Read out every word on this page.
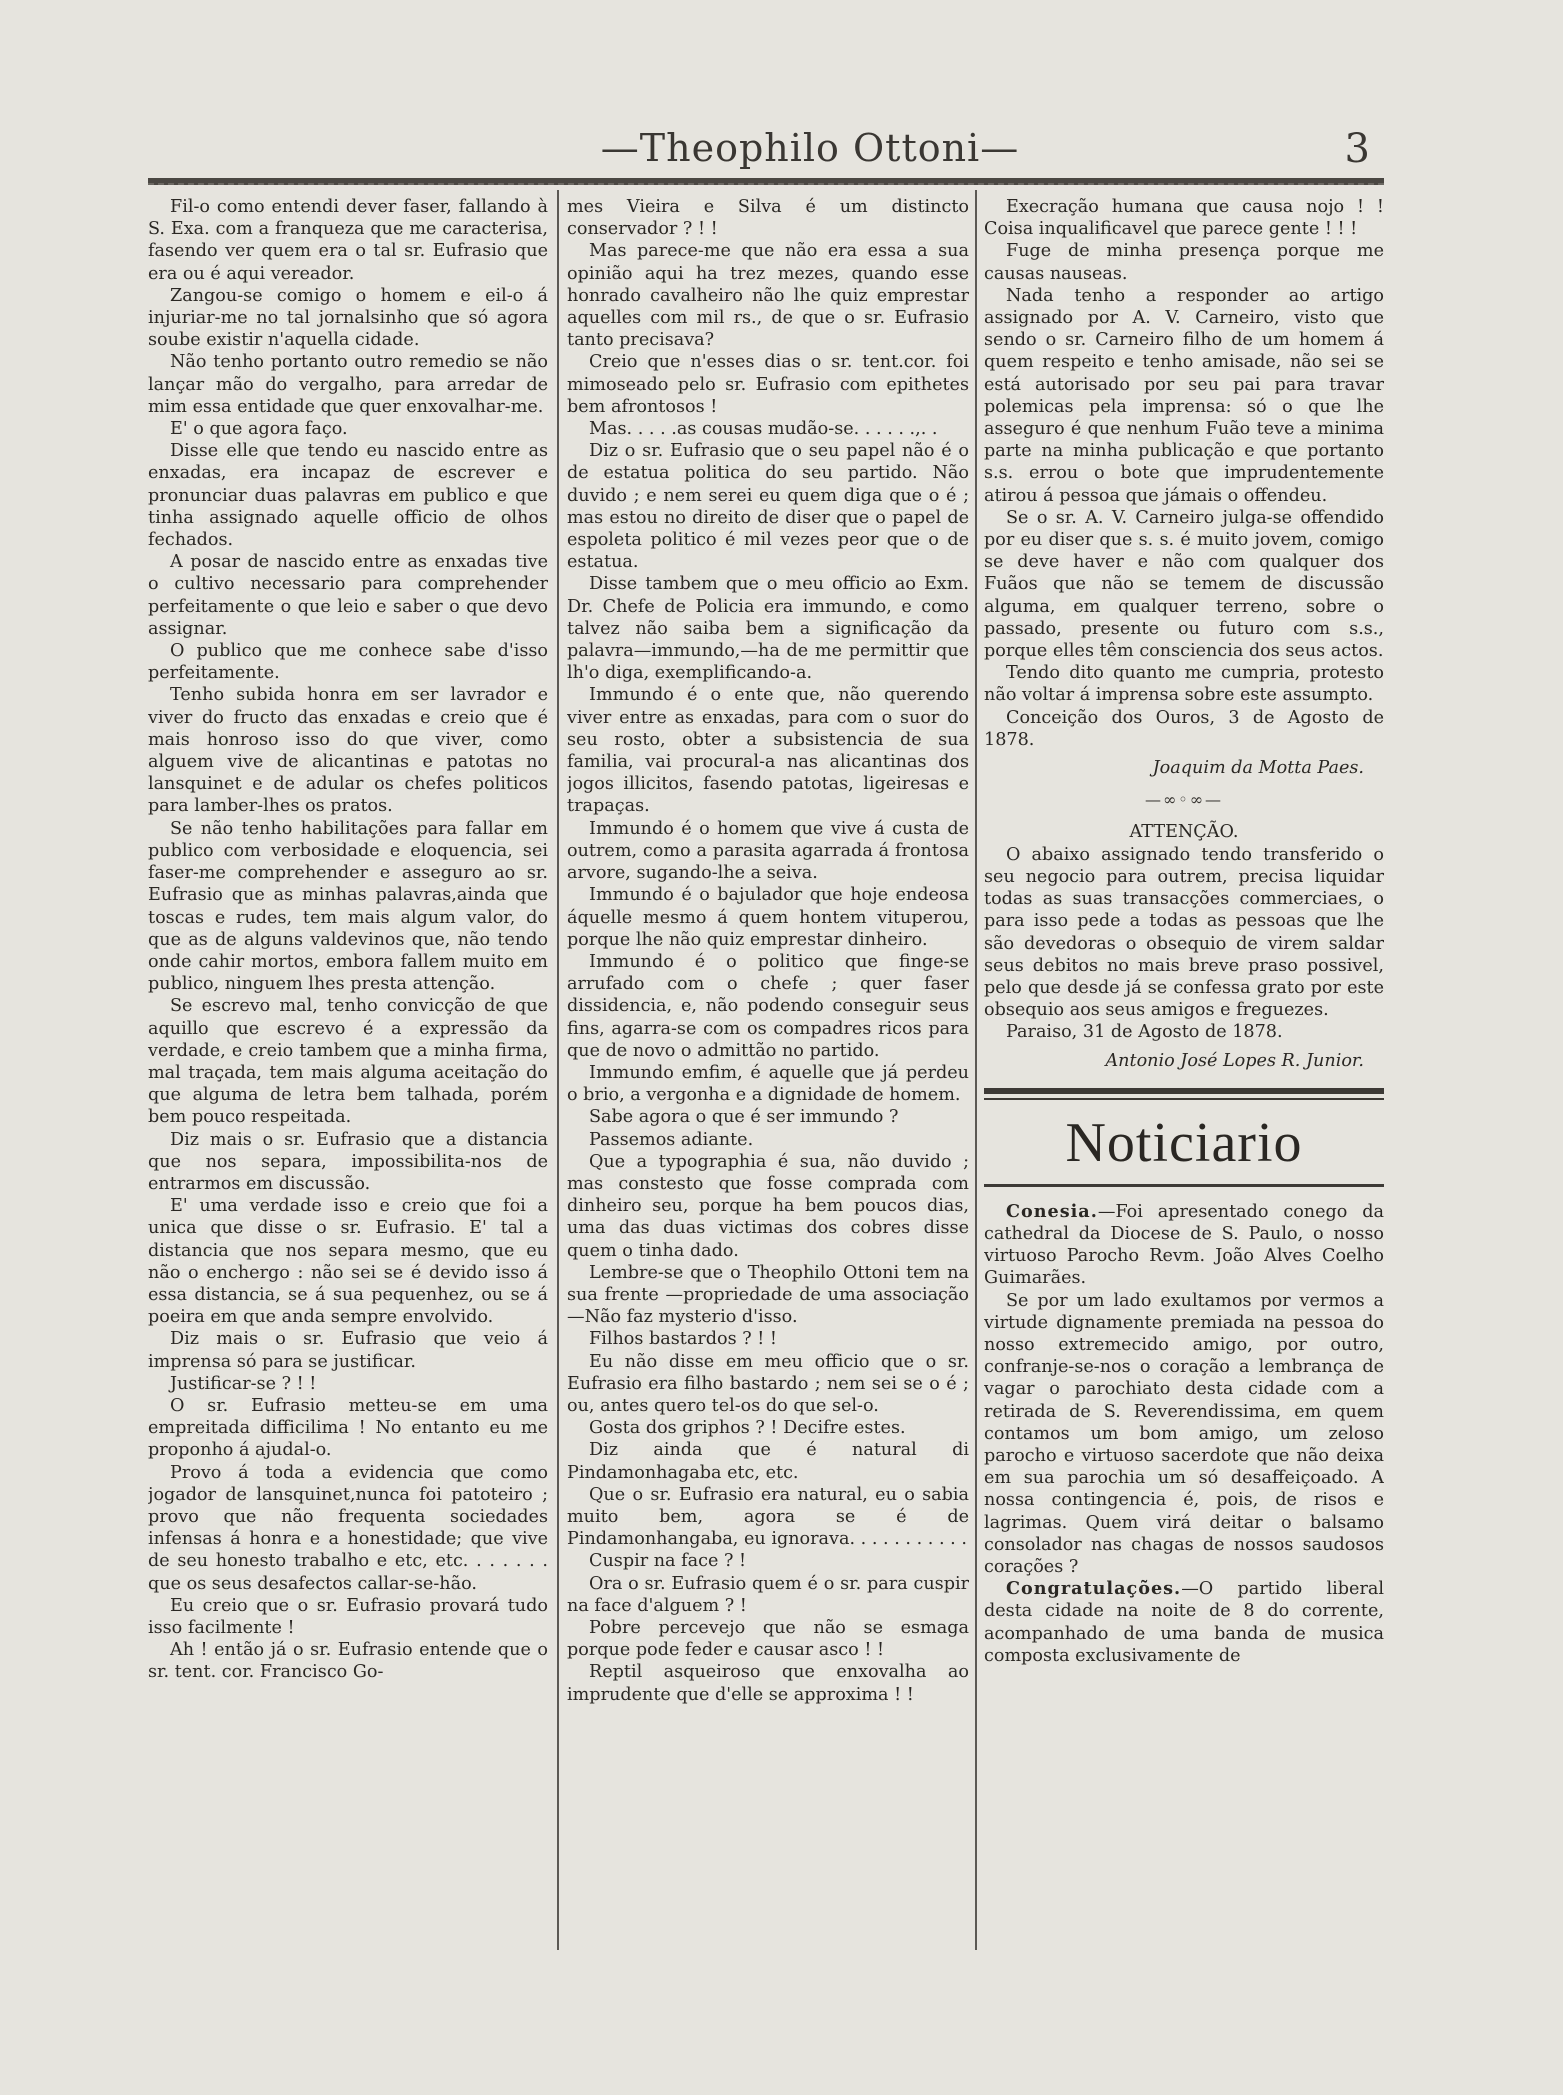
—Theophilo Ottoni—	3

Fil-o como entendi dever faser, fallando à S. Exa. com a franqueza que me caracterisa, fasendo ver quem era o tal sr. Eufrasio que era ou é aqui vereador.

Zangou-se comigo o homem e eil-o á injuriar-me no tal jornalsinho que só agora soube existir n'aquella cidade.

Não tenho portanto outro remedio se não lançar mão do vergalho, para arredar de mim essa entidade que quer enxovalhar-me.

E' o que agora faço.

Disse elle que tendo eu nascido entre as enxadas, era incapaz de escrever e pronunciar duas palavras em publico e que tinha assignado aquelle officio de olhos fechados.

A posar de nascido entre as enxadas tive o cultivo necessario para comprehender perfeitamente o que leio e saber o que devo assignar.

O publico que me conhece sabe d'isso perfeitamente.

Tenho subida honra em ser lavrador e viver do fructo das enxadas e creio que é mais honroso isso do que viver, como alguem vive de alicantinas e patotas no lansquinet e de adular os chefes politicos para lamber-lhes os pratos.

Se não tenho habilitações para fallar em publico com verbosidade e eloquencia, sei faser-me comprehender e asseguro ao sr. Eufrasio que as minhas palavras,ainda que toscas e rudes, tem mais algum valor, do que as de alguns valdevinos que, não tendo onde cahir mortos, embora fallem muito em publico, ninguem lhes presta attenção.

Se escrevo mal, tenho convicção de que aquillo que escrevo é a expressão da verdade, e creio tambem que a minha firma, mal traçada, tem mais alguma aceitação do que alguma de letra bem talhada, porém bem pouco respeitada.

Diz mais o sr. Eufrasio que a distancia que nos separa, impossibilita-nos de entrarmos em discussão.

E' uma verdade isso e creio que foi a unica que disse o sr. Eufrasio. E' tal a distancia que nos separa mesmo, que eu não o enchergo : não sei se é devido isso á essa distancia, se á sua pequenhez, ou se á poeira em que anda sempre envolvido.

Diz mais o sr. Eufrasio que veio á imprensa só para se justificar.

Justificar-se ? ! !

O sr. Eufrasio metteu-se em uma empreitada difficilima ! No entanto eu me proponho á ajudal-o.

Provo á toda a evidencia que como jogador de lansquinet,nunca foi patoteiro ; provo que não frequenta sociedades infensas á honra e a honestidade; que vive de seu honesto trabalho e etc, etc. . . . . . . que os seus desafectos callar-se-hão.

Eu creio que o sr. Eufrasio provará tudo isso facilmente !

Ah ! então já o sr. Eufrasio entende que o sr. tent. cor. Francisco Go-

mes Vieira e Silva é um distincto conservador ? ! !

Mas parece-me que não era essa a sua opinião aqui ha trez mezes, quando esse honrado cavalheiro não lhe quiz emprestar aquelles com mil rs., de que o sr. Eufrasio tanto precisava?

Creio que n'esses dias o sr. tent.cor. foi mimoseado pelo sr. Eufrasio com epithetes bem afrontosos !

Mas. . . . .as cousas mudão-se. . . . . .,. .

Diz o sr. Eufrasio que o seu papel não é o de estatua politica do seu partido. Não duvido ; e nem serei eu quem diga que o é ; mas estou no direito de diser que o papel de espoleta politico é mil vezes peor que o de estatua.

Disse tambem que o meu officio ao Exm. Dr. Chefe de Policia era immundo, e como talvez não saiba bem a significação da palavra—immundo,—ha de me permittir que lh'o diga, exemplificando-a.

Immundo é o ente que, não querendo viver entre as enxadas, para com o suor do seu rosto, obter a subsistencia de sua familia, vai procural-a nas alicantinas dos jogos illicitos, fasendo patotas, ligeiresas e trapaças.

Immundo é o homem que vive á custa de outrem, como a parasita agarrada á frontosa arvore, sugando-lhe a seiva.

Immundo é o bajulador que hoje endeosa áquelle mesmo á quem hontem vituperou, porque lhe não quiz emprestar dinheiro.

Immundo é o politico que finge-se arrufado com o chefe ; quer faser dissidencia, e, não podendo conseguir seus fins, agarra-se com os compadres ricos para que de novo o admittão no partido.

Immundo emfim, é aquelle que já perdeu o brio, a vergonha e a dignidade de homem.

Sabe agora o que é ser immundo ?

Passemos adiante.

Que a typographia é sua, não duvido ; mas constesto que fosse comprada com dinheiro seu, porque ha bem poucos dias, uma das duas victimas dos cobres disse quem o tinha dado.

Lembre-se que o Theophilo Ottoni tem na sua frente —propriedade de uma associação—Não faz mysterio d'isso.

Filhos bastardos ? ! !

Eu não disse em meu officio que o sr. Eufrasio era filho bastardo ; nem sei se o é ; ou, antes quero tel-os do que sel-o.

Gosta dos griphos ? ! Decifre estes.

Diz ainda que é natural di Pindamonhagaba etc, etc.

Que o sr. Eufrasio era natural, eu o sabia muito bem, agora se é de Pindamonhangaba, eu ignorava. . . . . . . . . . .

Cuspir na face ? !

Ora o sr. Eufrasio quem é o sr. para cuspir na face d'alguem ? !

Pobre percevejo que não se esmaga porque pode feder e causar asco ! !

Reptil asqueiroso que enxovalha ao imprudente que d'elle se approxima ! !

Execração humana que causa nojo ! ! Coisa inqualificavel que parece gente ! ! !

Fuge de minha presença porque me causas nauseas.

Nada tenho a responder ao artigo assignado por A. V. Carneiro, visto que sendo o sr. Carneiro filho de um homem á quem respeito e tenho amisade, não sei se está autorisado por seu pai para travar polemicas pela imprensa: só o que lhe asseguro é que nenhum Fuão teve a minima parte na minha publicação e que portanto s.s. errou o bote que imprudentemente atirou á pessoa que jámais o offendeu.

Se o sr. A. V. Carneiro julga-se offendido por eu diser que s. s. é muito jovem, comigo se deve haver e não com qualquer dos Fuãos que não se temem de discussão alguma, em qualquer terreno, sobre o passado, presente ou futuro com s.s., porque elles têm consciencia dos seus actos.

Tendo dito quanto me cumpria, protesto não voltar á imprensa sobre este assumpto.

Conceição dos Ouros, 3 de Agosto de 1878.

Joaquim da Motta Paes.

—∞◦∞—

ATTENÇÃO.

O abaixo assignado tendo transferido o seu negocio para outrem, precisa liquidar todas as suas transacções commerciaes, o para isso pede a todas as pessoas que lhe são devedoras o obsequio de virem saldar seus debitos no mais breve praso possivel, pelo que desde já se confessa grato por este obsequio aos seus amigos e freguezes.

Paraiso, 31 de Agosto de 1878.

Antonio José Lopes R. Junior.

Noticiario

Conesia.—Foi apresentado conego da cathedral da Diocese de S. Paulo, o nosso virtuoso Parocho Revm. João Alves Coelho Guimarães.

Se por um lado exultamos por vermos a virtude dignamente premiada na pessoa do nosso extremecido amigo, por outro, confranje-se-nos o coração a lembrança de vagar o parochiato desta cidade com a retirada de S. Reverendissima, em quem contamos um bom amigo, um zeloso parocho e virtuoso sacerdote que não deixa em sua parochia um só desaffeiçoado. A nossa contingencia é, pois, de risos e lagrimas. Quem virá deitar o balsamo consolador nas chagas de nossos saudosos corações ?

Congratulações.—O partido liberal desta cidade na noite de 8 do corrente, acompanhado de uma banda de musica composta exclusivamente de
